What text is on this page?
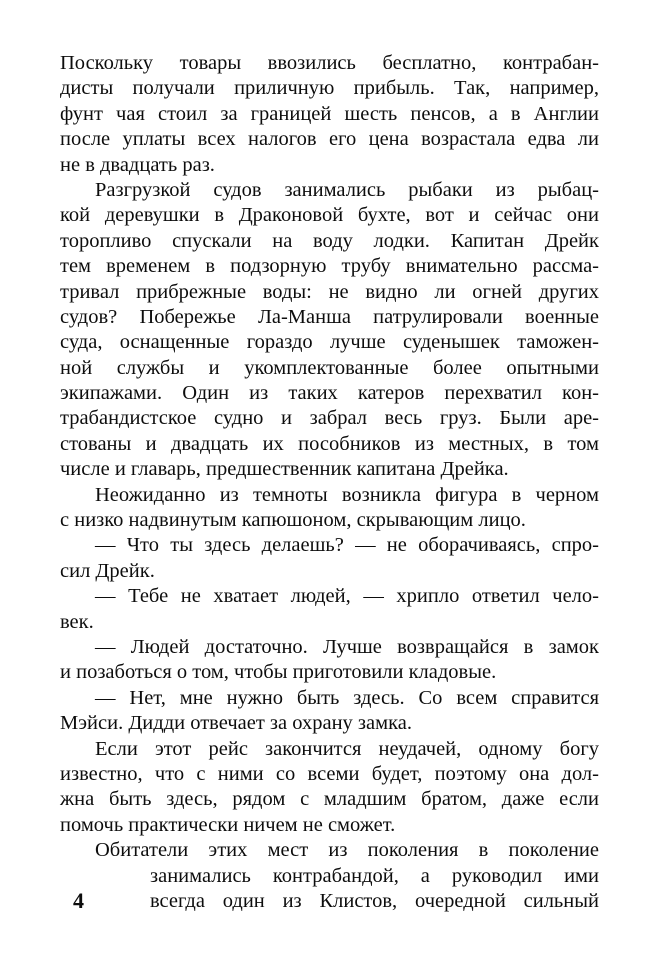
Поскольку товары ввозились бесплатно, контрабан-
дисты получали приличную прибыль. Так, например,
фунт чая стоил за границей шесть пенсов, а в Англии
после уплаты всех налогов его цена возрастала едва ли
не в двадцать раз.
Разгрузкой судов занимались рыбаки из рыбац-
кой деревушки в Драконовой бухте, вот и сейчас они
торопливо спускали на воду лодки. Капитан Дрейк
тем временем в подзорную трубу внимательно рассма-
тривал прибрежные воды: не видно ли огней других
судов? Побережье Ла-Манша патрулировали военные
суда, оснащенные гораздо лучше суденышек таможен-
ной службы и укомплектованные более опытными
экипажами. Один из таких катеров перехватил кон-
трабандистское судно и забрал весь груз. Были аре-
стованы и двадцать их пособников из местных, в том
числе и главарь, предшественник капитана Дрейка.
Неожиданно из темноты возникла фигура в черном
с низко надвинутым капюшоном, скрывающим лицо.
— Что ты здесь делаешь? — не оборачиваясь, спро-
сил Дрейк.
— Тебе не хватает людей, — хрипло ответил чело-
век.
— Людей достаточно. Лучше возвращайся в замок
и позаботься о том, чтобы приготовили кладовые.
— Нет, мне нужно быть здесь. Со всем справится
Мэйси. Дидди отвечает за охрану замка.
Если этот рейс закончится неудачей, одному богу
известно, что с ними со всеми будет, поэтому она дол-
жна быть здесь, рядом с младшим братом, даже если
помочь практически ничем не сможет.
Обитатели этих мест из поколения в поколение
занимались контрабандой, а руководил ими
всегда один из Клистов, очередной сильный
4
